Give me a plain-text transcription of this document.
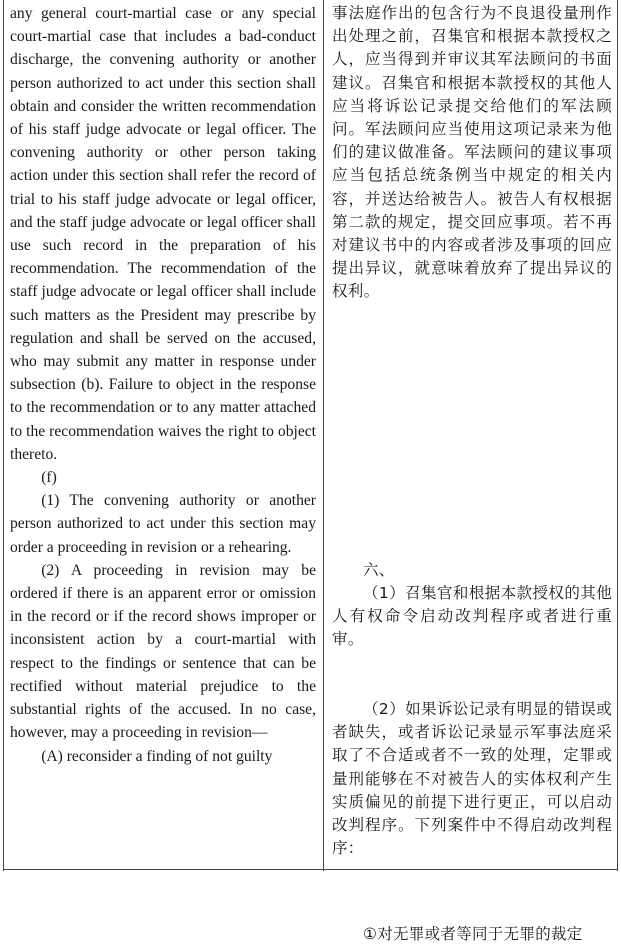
any general court-martial case or any special court-martial case that includes a bad-conduct discharge, the convening authority or another person authorized to act under this section shall obtain and consider the written recommendation of his staff judge advocate or legal officer. The convening authority or other person taking action under this section shall refer the record of trial to his staff judge advocate or legal officer, and the staff judge advocate or legal officer shall use such record in the preparation of his recommendation. The recommendation of the staff judge advocate or legal officer shall include such matters as the President may prescribe by regulation and shall be served on the accused, who may submit any matter in response under subsection (b). Failure to object in the response to the recommendation or to any matter attached to the recommendation waives the right to object thereto.

(f)

(1) The convening authority or another person authorized to act under this section may order a proceeding in revision or a rehearing.

(2) A proceeding in revision may be ordered if there is an apparent error or omission in the record or if the record shows improper or inconsistent action by a court-martial with respect to the findings or sentence that can be rectified without material prejudice to the substantial rights of the accused. In no case, however, may a proceeding in revision—

(A) reconsider a finding of not guilty

事法庭作出的包含行为不良退役量刑作出处理之前，召集官和根据本款授权之人，应当得到并审议其军法顾问的书面建议。召集官和根据本款授权的其他人应当将诉讼记录提交给他们的军法顾问。军法顾问应当使用这项记录来为他们的建议做准备。军法顾问的建议事项应当包括总统条例当中规定的相关内容，并送达给被告人。被告人有权根据第二款的规定，提交回应事项。若不再对建议书中的内容或者涉及事项的回应提出异议，就意味着放弃了提出异议的权利。

六、

（1）召集官和根据本款授权的其他人有权命令启动改判程序或者进行重审。

（2）如果诉讼记录有明显的错误或者缺失，或者诉讼记录显示军事法庭采取了不合适或者不一致的处理，定罪或量刑能够在不对被告人的实体权利产生实质偏见的前提下进行更正，可以启动改判程序。下列案件中不得启动改判程序：

①对无罪或者等同于无罪的裁定
